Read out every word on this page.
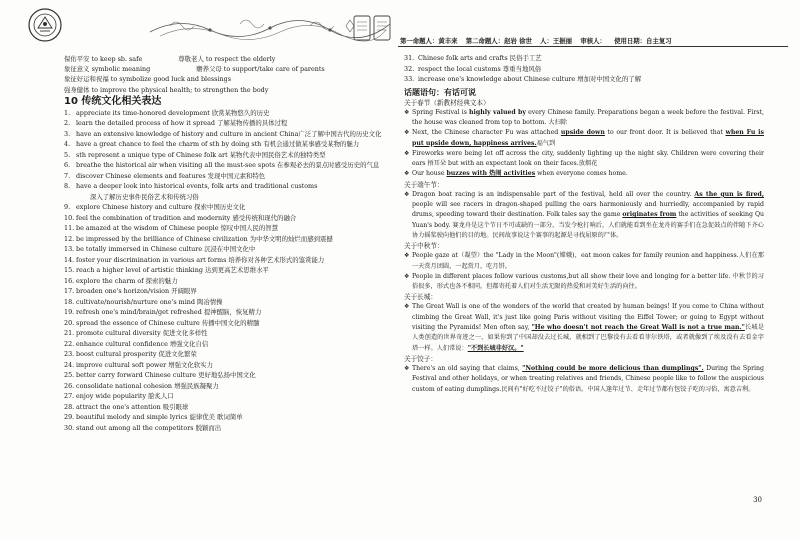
第一命题人：黄丰来 第二命题人：赵岩 徐世 人：王振丽 审核人： 使用日期：自主复习
保佑平安 to keep sb. safe	尊敬老人 to respect the elderly
象征意义 symbolic meaning	赡养父母 to support/take care of parents
象征好运和祝福 to symbolize good luck and blessings
强身健体 to improve the physical health; to strengthen the body
10 传统文化相关表达
1. appreciate its time-honored development 欣赏某物悠久的历史
2. learn the detailed process of how it spread 了解某物传播的具体过程
3. have an extensive knowledge of history and culture in ancient China广泛了解中国古代的历史文化
4. have a great chance to feel the charm of sth by doing sth 有机会通过做某事感受某物的魅力
5. sth represent a unique type of Chinese folk art 某物代表中国民俗艺术的独特类型
6. breathe the historical air when visiting all the must-see spots 在参观必去的景点时感受历史的气息
7. discover Chinese elements and features 发现中国元素和特色
8. have a deeper look into historical events, folk arts and traditional customs
深入了解历史事件民俗艺术和传统习俗
9. explore Chinese history and culture 探索中国历史文化
10. feel the combination of tradition and modernity 感受传统和现代的融合
11. be amazed at the wisdom of Chinese people 惊叹中国人民的智慧
12. be impressed by the brilliance of Chinese civilization 为中华文明的灿烂而感到震撼
13. be totally immersed in Chinese culture 沉浸在中国文化中
14. foster your discrimination in various art forms 培养你对各种艺术形式的鉴赏能力
15. reach a higher level of artistic thinking 达到更高艺术思维水平
16. explore the charm of 探索的魅力
17. broaden one's horizon/vision 开阔眼界
18. cultivate/nourish/nurture one's mind 陶冶情操
19. refresh one's mind/brain/get refreshed 提神醒脑，恢复精力
20. spread the essence of Chinese culture 传播中国文化的精髓
21. promote cultural diversity 促进文化多样性
22. enhance cultural confidence 增强文化自信
23. boost cultural prosperity 促进文化繁荣
24. improve cultural soft power 增强文化软实力
25. better carry forward Chinese culture 更好地弘扬中国文化
26. consolidate national cohesion 增强民族凝聚力
27. enjoy wide popularity 脍炙人口
28. attract the one's attention 吸引眼球
29. beautiful melody and simple lyrics 旋律优美 歌词简单
30. stand out among all the competitors 脱颖而出
31. Chinese folk arts and crafts 民俗手工艺
32. respect the local customs 尊重当地风俗
33. increase one's knowledge about Chinese culture 增加对中国文化的了解
话题语句：有话可说
关于春节（新教材经典文本）
❖ Spring Festival is highly valued by every Chinese family. Preparations began a week before the festival. First, the house was cleaned from top to bottom. 大扫除
❖ Next, the Chinese character Fu was attached upside down to our front door. It is believed that when Fu is put upside down, happiness arrives.福气到
❖ Fireworks were being let off across the city, suddenly lighting up the night sky. Children were covering their ears 捂耳朵 but with an expectant look on their faces.放烟花
❖ Our house buzzes with 热闹 activities when everyone comes home.
关于端午节：
❖ Dragon boat racing is an indispensable part of the festival, held all over the country. As the gun is fired, people will see racers in dragon-shaped pulling the oars harmoniously and hurriedly, accompanied by rapid drums, speeding toward their destination. Folk tales say the game originates from the activities of seeking Qu Yuan's body. 赛龙舟是这个节日不可或缺的一部分，当发令枪打响后，人们就能看到坐在龙舟的赛手们在急促鼓点的伴随下齐心协力摇桨驶向他们的目的地。民间故事说这个赛事的起源是寻找屈原的尸体。
关于中秋节：
❖ People gaze at（凝望）the "Lady in the Moon"(嫦娥)，eat moon cakes for family reunion and happiness.人们在那一天赏月团圆，一起赏月，吃月饼。
❖ People in different places follow various customs,but all show their love and longing for a better life. 中秋节的习俗很多，形式也各不相同，但都寄托着人们对生活无限的热爱和对美好生活的向往。
关于长城：
❖ The Great Wall is one of the wonders of the world that created by human beings! If you come to China without climbing the Great Wall, it's just like going Paris without visiting the Eiffel Tower; or going to Egypt without visiting the Pyramids! Men often say, "He who doesn't not reach the Great Wall is not a true man."长城是人类创造的世界奇迹之一，如果你到了中国却没去过长城，就相到了巴黎没有去看看菲尔铁塔，或者就像到了埃及没有去看金字塔一样。人们常说："不到长城非好汉。"
关于饺子：
❖ There's an old saying that claims, "Nothing could be more delicious than dumplings". During the Spring Festival and other holidays, or when treating relatives and friends, Chinese people like to follow the auspicious custom of eating dumplings.民间有"好吃不过饺子"的俗语。中国人逢年过节、走年过节都有包饺子吃的习俗，寓意吉利。
30
